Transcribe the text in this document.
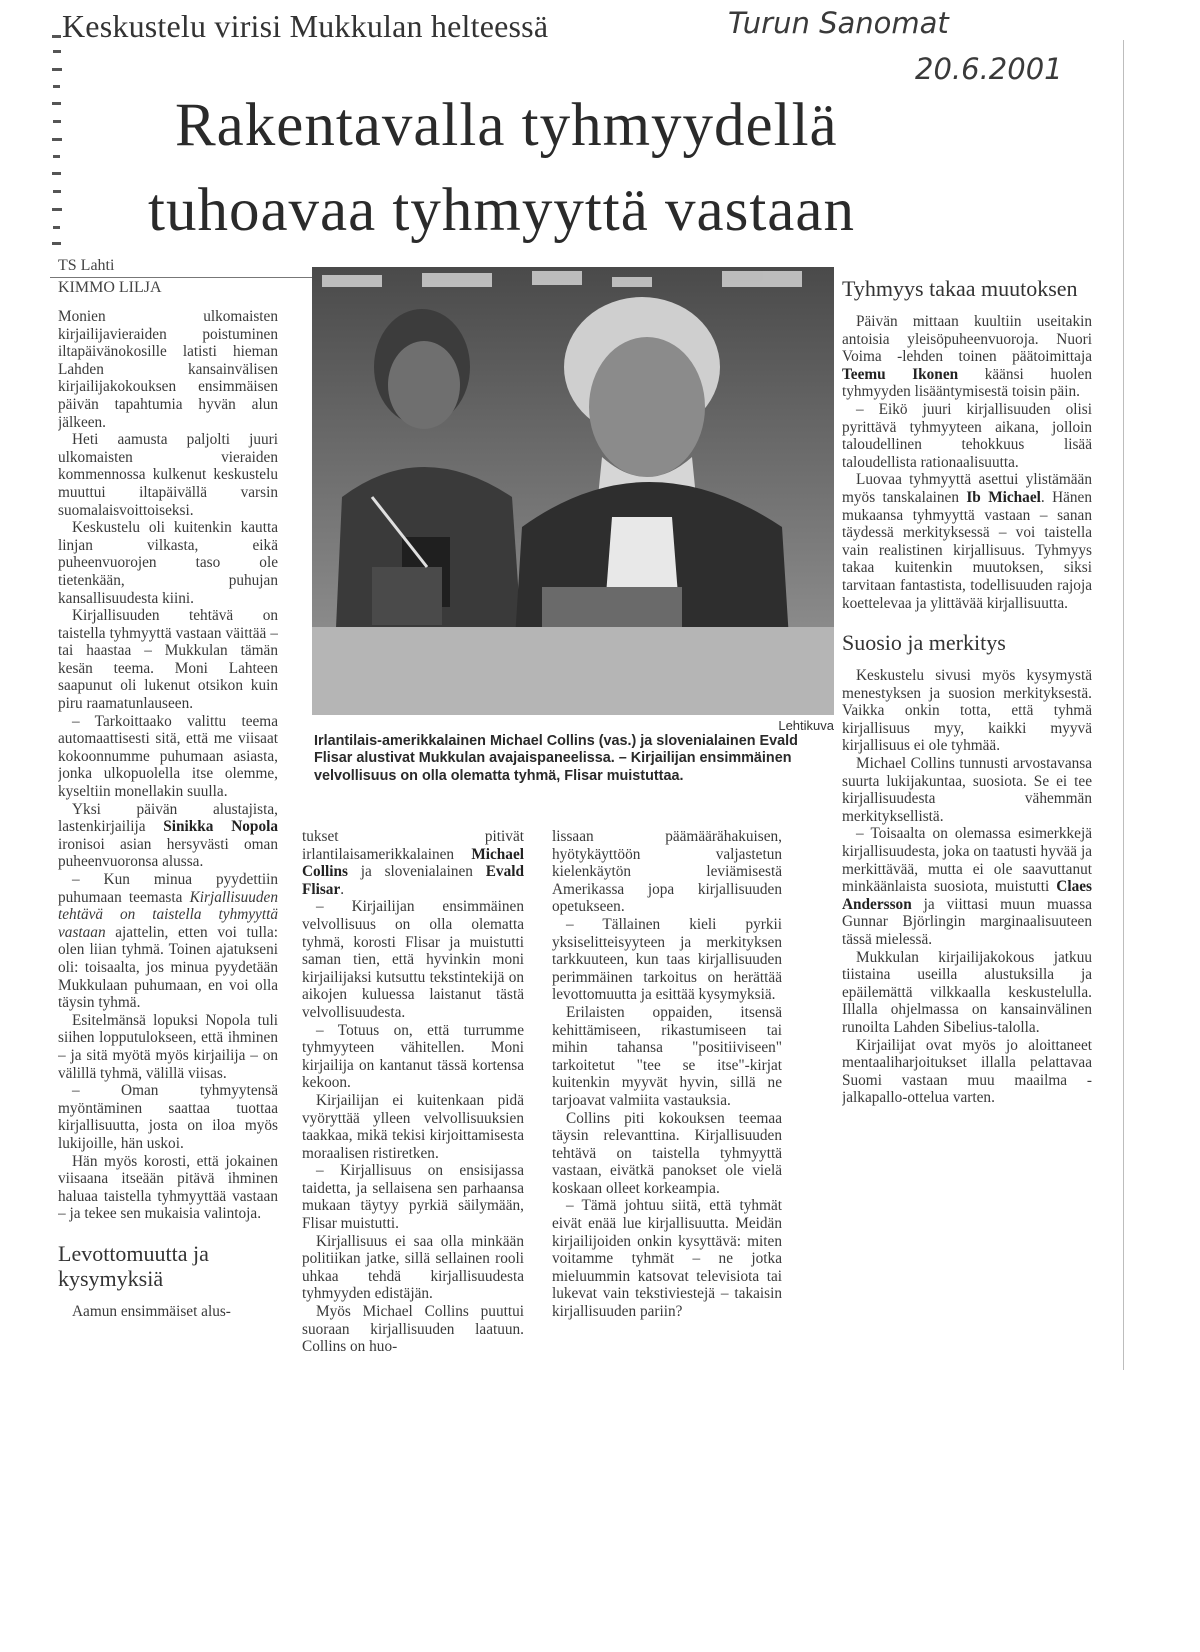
Keskustelu virisi Mukkulan helteessä	Turun Sanomat
20.6.2001
Rakentavalla tyhmyydellä
tuhoavaa tyhmyyttä vastaan
TS Lahti
KIMMO LILJA

Monien ulkomaisten kirjailijavieraiden poistuminen iltapäivänokosille latisti hieman Lahden kansainvälisen kirjailijakokouksen ensimmäisen päivän tapahtumia hyvän alun jälkeen.

Heti aamusta paljolti juuri ulkomaisten vieraiden kommennossa kulkenut keskustelu muuttui iltapäivällä varsin suomalaisvoittoiseksi.

Keskustelu oli kuitenkin kautta linjan vilkasta, eikä puheenvuorojen taso ole tietenkään, puhujan kansallisuudesta kiini.

Kirjallisuuden tehtävä on taistella tyhmyyttä vastaan väittää – tai haastaa – Mukkulan tämän kesän teema. Moni Lahteen saapunut oli lukenut otsikon kuin piru raamatunlauseen.

– Tarkoittaako valittu teema automaattisesti sitä, että me viisaat kokoonnumme puhumaan asiasta, jonka ulkopuolella itse olemme, kyseltiin monellakin suulla.

Yksi päivän alustajista, lastenkirjailija Sinikka Nopola ironisoi asian hersyvästi oman puheenvuoronsa alussa.

– Kun minua pyydettiin puhumaan teemasta Kirjallisuuden tehtävä on taistella tyhmyyttä vastaan ajattelin, etten voi tulla: olen liian tyhmä. Toinen ajatukseni oli: toisaalta, jos minua pyydetään Mukkulaan puhumaan, en voi olla täysin tyhmä.

Esitelmänsä lopuksi Nopola tuli siihen lopputulokseen, että ihminen – ja sitä myötä myös kirjailija – on välillä tyhmä, välillä viisas.

– Oman tyhmyytensä myöntäminen saattaa tuottaa kirjallisuutta, josta on iloa myös lukijoille, hän uskoi.

Hän myös korosti, että jokainen viisaana itseään pitävä ihminen haluaa taistella tyhmyyttää vastaan – ja tekee sen mukaisia valintoja.

Levottomuutta ja kysymyksiä

Aamun ensimmäiset alus-

Lehtikuva
Irlantilais-amerikkalainen Michael Collins (vas.) ja slovenialainen Evald Flisar alustivat Mukkulan avajaispaneelissa. – Kirjailijan ensimmäinen velvollisuus on olla olematta tyhmä, Flisar muistuttaa.

tukset pitivät irlantilaisamerikkalainen Michael Collins ja slovenialainen Evald Flisar.

– Kirjailijan ensimmäinen velvollisuus on olla olematta tyhmä, korosti Flisar ja muistutti saman tien, että hyvinkin moni kirjailijaksi kutsuttu tekstintekijä on aikojen kuluessa laistanut tästä velvollisuudesta.

– Totuus on, että turrumme tyhmyyteen vähitellen. Moni kirjailija on kantanut tässä kortensa kekoon.

Kirjailijan ei kuitenkaan pidä vyöryttää ylleen velvollisuuksien taakkaa, mikä tekisi kirjoittamisesta moraalisen ristiretken.

– Kirjallisuus on ensisijassa taidetta, ja sellaisena sen parhaansa mukaan täytyy pyrkiä säilymään, Flisar muistutti.

Kirjallisuus ei saa olla minkään politiikan jatke, sillä sellainen rooli uhkaa tehdä kirjallisuudesta tyhmyyden edistäjän.

Myös Michael Collins puuttui suoraan kirjallisuuden laatuun. Collins on huo-

lissaan päämäärähakuisen, hyötykäyttöön valjastetun kielenkäytön leviämisestä Amerikassa jopa kirjallisuuden opetukseen.

– Tällainen kieli pyrkii yksiselitteisyyteen ja merkityksen tarkkuuteen, kun taas kirjallisuuden perimmäinen tarkoitus on herättää levottomuutta ja esittää kysymyksiä.

Erilaisten oppaiden, itsensä kehittämiseen, rikastumiseen tai mihin tahansa "positiiviseen" tarkoitetut "tee se itse"-kirjat kuitenkin myyvät hyvin, sillä ne tarjoavat valmiita vastauksia.

Collins piti kokouksen teemaa täysin relevanttina. Kirjallisuuden tehtävä on taistella tyhmyyttä vastaan, eivätkä panokset ole vielä koskaan olleet korkeampia.

– Tämä johtuu siitä, että tyhmät eivät enää lue kirjallisuutta. Meidän kirjailijoiden onkin kysyttävä: miten voitamme tyhmät – ne jotka mieluummin katsovat televisiota tai lukevat vain tekstiviestejä – takaisin kirjallisuuden pariin?

Tyhmyys takaa muutoksen

Päivän mittaan kuultiin useitakin antoisia yleisöpuheenvuoroja. Nuori Voima -lehden toinen päätoimittaja Teemu Ikonen käänsi huolen tyhmyyden lisääntymisestä toisin päin.

– Eikö juuri kirjallisuuden olisi pyrittävä tyhmyyteen aikana, jolloin taloudellinen tehokkuus lisää taloudellista rationaalisuutta.

Luovaa tyhmyyttä asettui ylistämään myös tanskalainen Ib Michael. Hänen mukaansa tyhmyyttä vastaan – sanan täydessä merkityksessä – voi taistella vain realistinen kirjallisuus. Tyhmyys takaa kuitenkin muutoksen, siksi tarvitaan fantastista, todellisuuden rajoja koettelevaa ja ylittävää kirjallisuutta.

Suosio ja merkitys

Keskustelu sivusi myös kysymystä menestyksen ja suosion merkityksestä. Vaikka onkin totta, että tyhmä kirjallisuus myy, kaikki myyvä kirjallisuus ei ole tyhmää.

Michael Collins tunnusti arvostavansa suurta lukijakuntaa, suosiota. Se ei tee kirjallisuudesta vähemmän merkityksellistä.

– Toisaalta on olemassa esimerkkejä kirjallisuudesta, joka on taatusti hyvää ja merkittävää, mutta ei ole saavuttanut minkäänlaista suosiota, muistutti Claes Andersson ja viittasi muun muassa Gunnar Björlingin marginaalisuuteen tässä mielessä.

Mukkulan kirjailijakokous jatkuu tiistaina useilla alustuksilla ja epäilemättä vilkkaalla keskustelulla. Illalla ohjelmassa on kansainvälinen runoilta Lahden Sibelius-talolla.

Kirjailijat ovat myös jo aloittaneet mentaaliharjoitukset illalla pelattavaa Suomi vastaan muu maailma -jalkapallo-ottelua varten.
